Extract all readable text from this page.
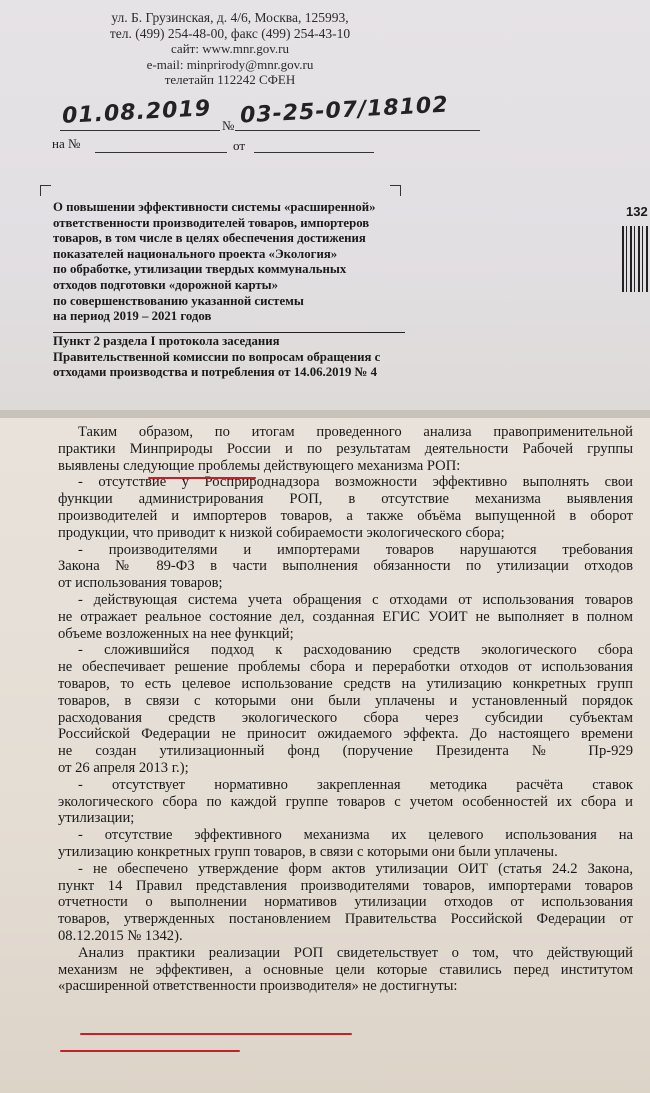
ул. Б. Грузинская, д. 4/6, Москва, 125993,
тел. (499) 254-48-00, факс (499) 254-43-10
сайт: www.mnr.gov.ru
e-mail: minprirody@mnr.gov.ru
телетайп 112242 СФЕН
01.08.2019 № 03-25-07/18102
на №	от
О повышении эффективности системы «расширенной»
ответственности производителей товаров, импортеров
товаров, в том числе в целях обеспечения достижения
показателей национального проекта «Экология»
по обработке, утилизации твердых коммунальных
отходов подготовки «дорожной карты»
по совершенствованию указанной системы
на период 2019 – 2021 годов
Пункт 2 раздела I протокола заседания
Правительственной комиссии по вопросам обращения с
отходами производства и потребления от 14.06.2019 № 4
132
Таким образом, по итогам проведенного анализа правоприменительной
практики Минприроды России и по результатам деятельности Рабочей группы
выявлены следующие проблемы действующего механизма РОП:
- отсутствие у Росприроднадзора возможности эффективно выполнять свои
функции администрирования РОП, в отсутствие механизма выявления
производителей и импортеров товаров, а также объёма выпущенной в оборот
продукции, что приводит к низкой собираемости экологического сбора;
- производителями и импортерами товаров нарушаются требования
Закона № 89-ФЗ в части выполнения обязанности по утилизации отходов
от использования товаров;
- действующая система учета обращения с отходами от использования товаров
не отражает реальное состояние дел, созданная ЕГИС УОИТ не выполняет в полном
объеме возложенных на нее функций;
- сложившийся подход к расходованию средств экологического сбора
не обеспечивает решение проблемы сбора и переработки отходов от использования
товаров, то есть целевое использование средств на утилизацию конкретных групп
товаров, в связи с которыми они были уплачены и установленный порядок
расходования средств экологического сбора через субсидии субъектам
Российской Федерации не приносит ожидаемого эффекта. До настоящего времени
не создан утилизационный фонд (поручение Президента № Пр-929
от 26 апреля 2013 г.);
- отсутствует нормативно закрепленная методика расчёта ставок
экологического сбора по каждой группе товаров с учетом особенностей их сбора и
утилизации;
- отсутствие эффективного механизма их целевого использования на
утилизацию конкретных групп товаров, в связи с которыми они были уплачены.
- не обеспечено утверждение форм актов утилизации ОИТ (статья 24.2 Закона,
пункт 14 Правил представления производителями товаров, импортерами товаров
отчетности о выполнении нормативов утилизации отходов от использования
товаров, утвержденных постановлением Правительства Российской Федерации от
08.12.2015 № 1342).
Анализ практики реализации РОП свидетельствует о том, что действующий
механизм не эффективен, а основные цели которые ставились перед институтом
«расширенной ответственности производителя» не достигнуты:
